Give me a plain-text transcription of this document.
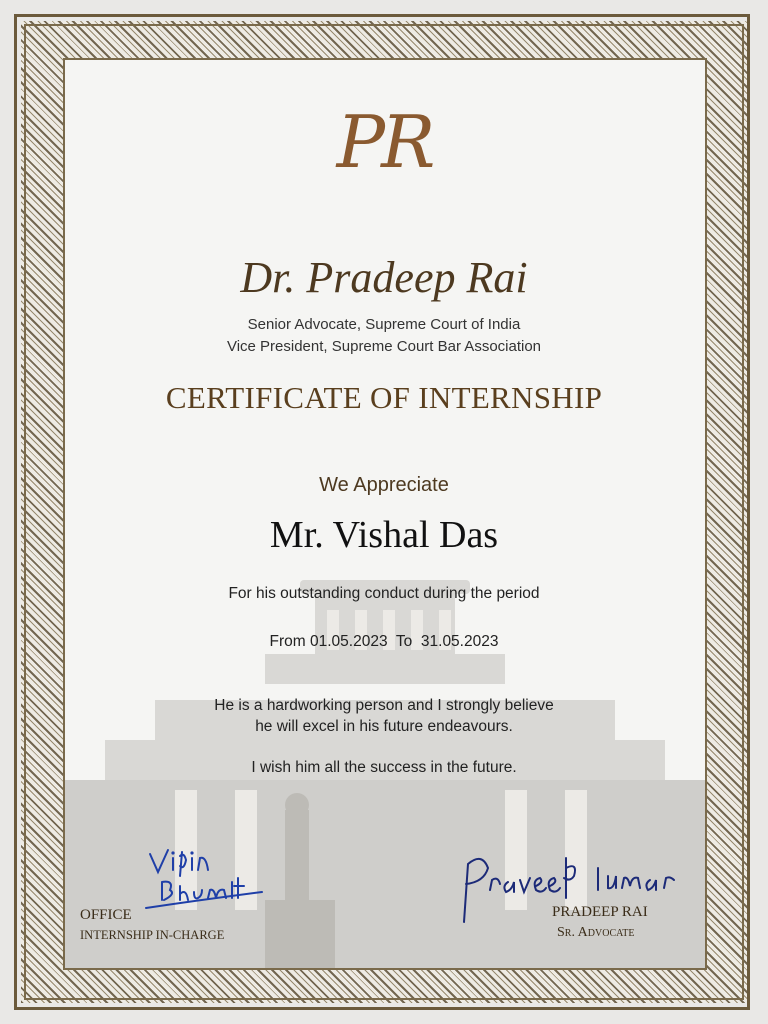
PR
Dr. Pradeep Rai
Senior Advocate, Supreme Court of India
Vice President, Supreme Court Bar Association
CERTIFICATE OF INTERNSHIP
We Appreciate
Mr. Vishal Das
For his outstanding conduct during the period
From 01.05.2023  To  31.05.2023
He is a hardworking person and I strongly believe
he will excel in his future endeavours.
I wish him all the success in the future.
OFFICE
INTERNSHIP IN-CHARGE
PRADEEP RAI
Sr. Advocate
